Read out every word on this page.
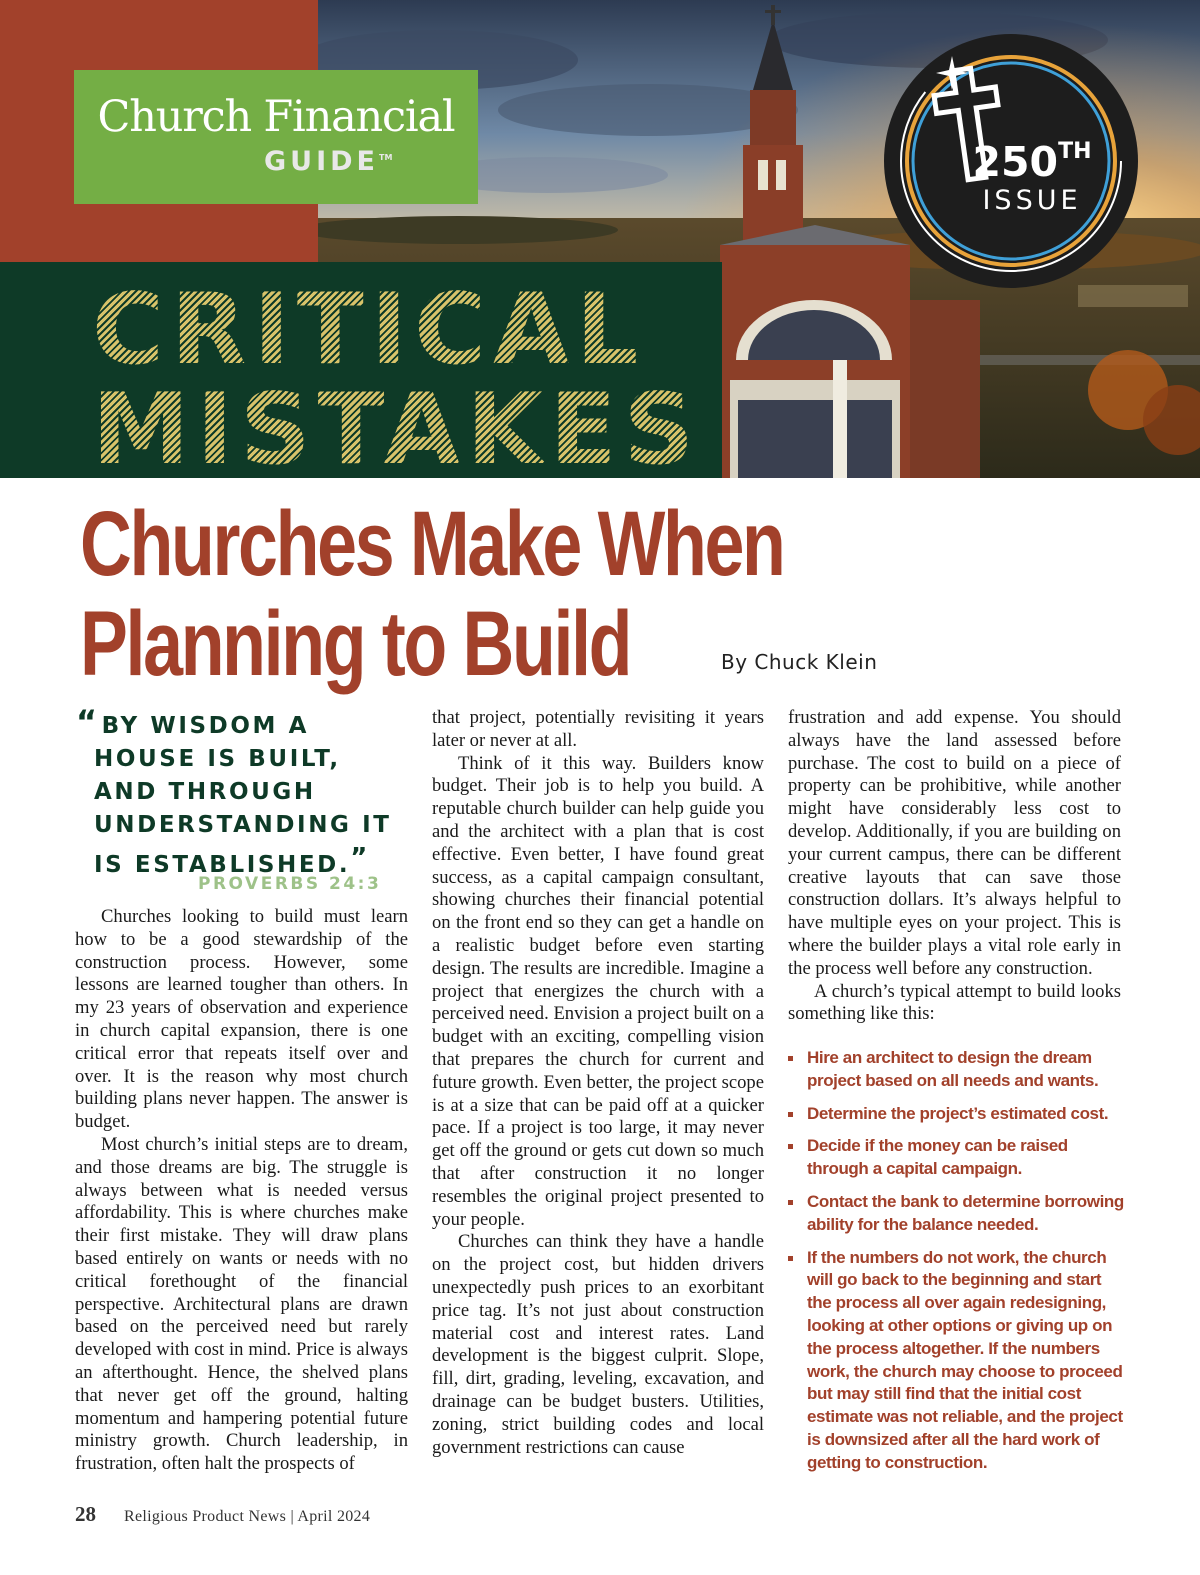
Church Financial
GUIDE™
CRITICAL
MISTAKES
250TH
ISSUE
Churches Make When
Planning to Build	By Chuck Klein
“BY WISDOM A
HOUSE IS BUILT,
AND THROUGH
UNDERSTANDING IT
IS ESTABLISHED.”
PROVERBS 24:3

Churches looking to build must learn how to be a good stewardship of the construction process. However, some lessons are learned tougher than others. In my 23 years of observation and experience in church capital expansion, there is one critical error that repeats itself over and over. It is the reason why most church building plans never happen. The answer is budget.

Most church’s initial steps are to dream, and those dreams are big. The struggle is always between what is needed versus affordability. This is where churches make their first mistake. They will draw plans based entirely on wants or needs with no critical forethought of the financial perspective. Architectural plans are drawn based on the perceived need but rarely developed with cost in mind. Price is always an afterthought. Hence, the shelved plans that never get off the ground, halting momentum and hampering potential future ministry growth. Church leadership, in frustration, often halt the prospects of

that project, potentially revisiting it years later or never at all.

Think of it this way. Builders know budget. Their job is to help you build. A reputable church builder can help guide you and the architect with a plan that is cost effective. Even better, I have found great success, as a capital campaign consultant, showing churches their financial potential on the front end so they can get a handle on a realistic budget before even starting design. The results are incredible. Imagine a project that energizes the church with a perceived need. Envision a project built on a budget with an exciting, compelling vision that prepares the church for current and future growth. Even better, the project scope is at a size that can be paid off at a quicker pace. If a project is too large, it may never get off the ground or gets cut down so much that after construction it no longer resembles the original project presented to your people.

Churches can think they have a handle on the project cost, but hidden drivers unexpectedly push prices to an exorbitant price tag. It’s not just about construction material cost and interest rates. Land development is the biggest culprit. Slope, fill, dirt, grading, leveling, excavation, and drainage can be budget busters. Utilities, zoning, strict building codes and local government restrictions can cause

frustration and add expense. You should always have the land assessed before purchase. The cost to build on a piece of property can be prohibitive, while another might have considerably less cost to develop. Additionally, if you are building on your current campus, there can be different creative layouts that can save those construction dollars. It’s always helpful to have multiple eyes on your project. This is where the builder plays a vital role early in the process well before any construction.

A church’s typical attempt to build looks something like this:

Hire an architect to design the dream project based on all needs and wants.
Determine the project’s estimated cost.
Decide if the money can be raised through a capital campaign.
Contact the bank to determine borrowing ability for the balance needed.
If the numbers do not work, the church will go back to the beginning and start the process all over again redesigning, looking at other options or giving up on the process altogether. If the numbers work, the church may choose to proceed but may still find that the initial cost estimate was not reliable, and the project is downsized after all the hard work of getting to construction.
28 Religious Product News | April 2024
